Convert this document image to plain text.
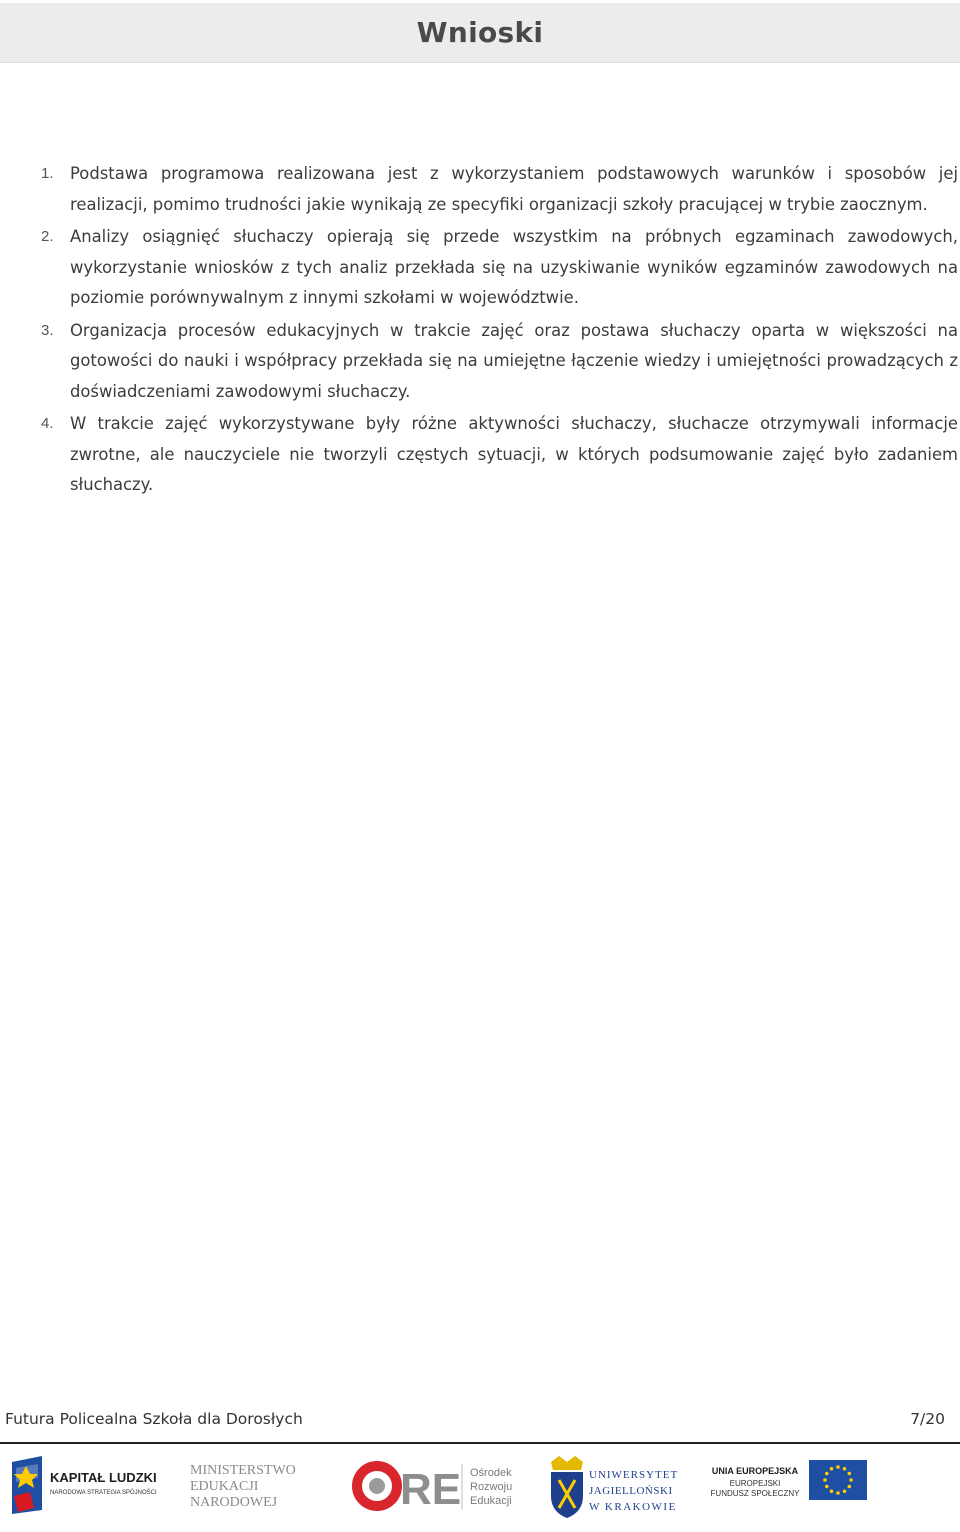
Wnioski
1. Podstawa programowa realizowana jest z wykorzystaniem podstawowych warunków i sposobów jej realizacji, pomimo trudności jakie wynikają ze specyfiki organizacji szkoły pracującej w trybie zaocznym.
2. Analizy osiągnięć słuchaczy opierają się przede wszystkim na próbnych egzaminach zawodowych, wykorzystanie wniosków z tych analiz przekłada się na uzyskiwanie wyników egzaminów zawodowych na poziomie porównywalnym z innymi szkołami w województwie.
3. Organizacja procesów edukacyjnych w trakcie zajęć oraz postawa słuchaczy oparta w większości na gotowości do nauki i współpracy przekłada się na umiejętne łączenie wiedzy i umiejętności prowadzących z doświadczeniami zawodowymi słuchaczy.
4. W trakcie zajęć wykorzystywane były różne aktywności słuchaczy, słuchacze otrzymywali informacje zwrotne, ale nauczyciele nie tworzyli częstych sytuacji, w których podsumowanie zajęć było zadaniem słuchaczy.
Futura Policealna Szkoła dla Dorosłych	7/20
KAPITAŁ LUDZKI
NARODOWA STRATEGIA SPÓJNOŚCI
MINISTERSTWO
EDUKACJI
NARODOWEJ	RE Ośrodek
Rozwoju
Edukacji
UNIWERSYTET
JAGIELLOŃSKI
W KRAKOWIE
UNIA EUROPEJSKA
EUROPEJSKI
FUNDUSZ SPOŁECZNY
